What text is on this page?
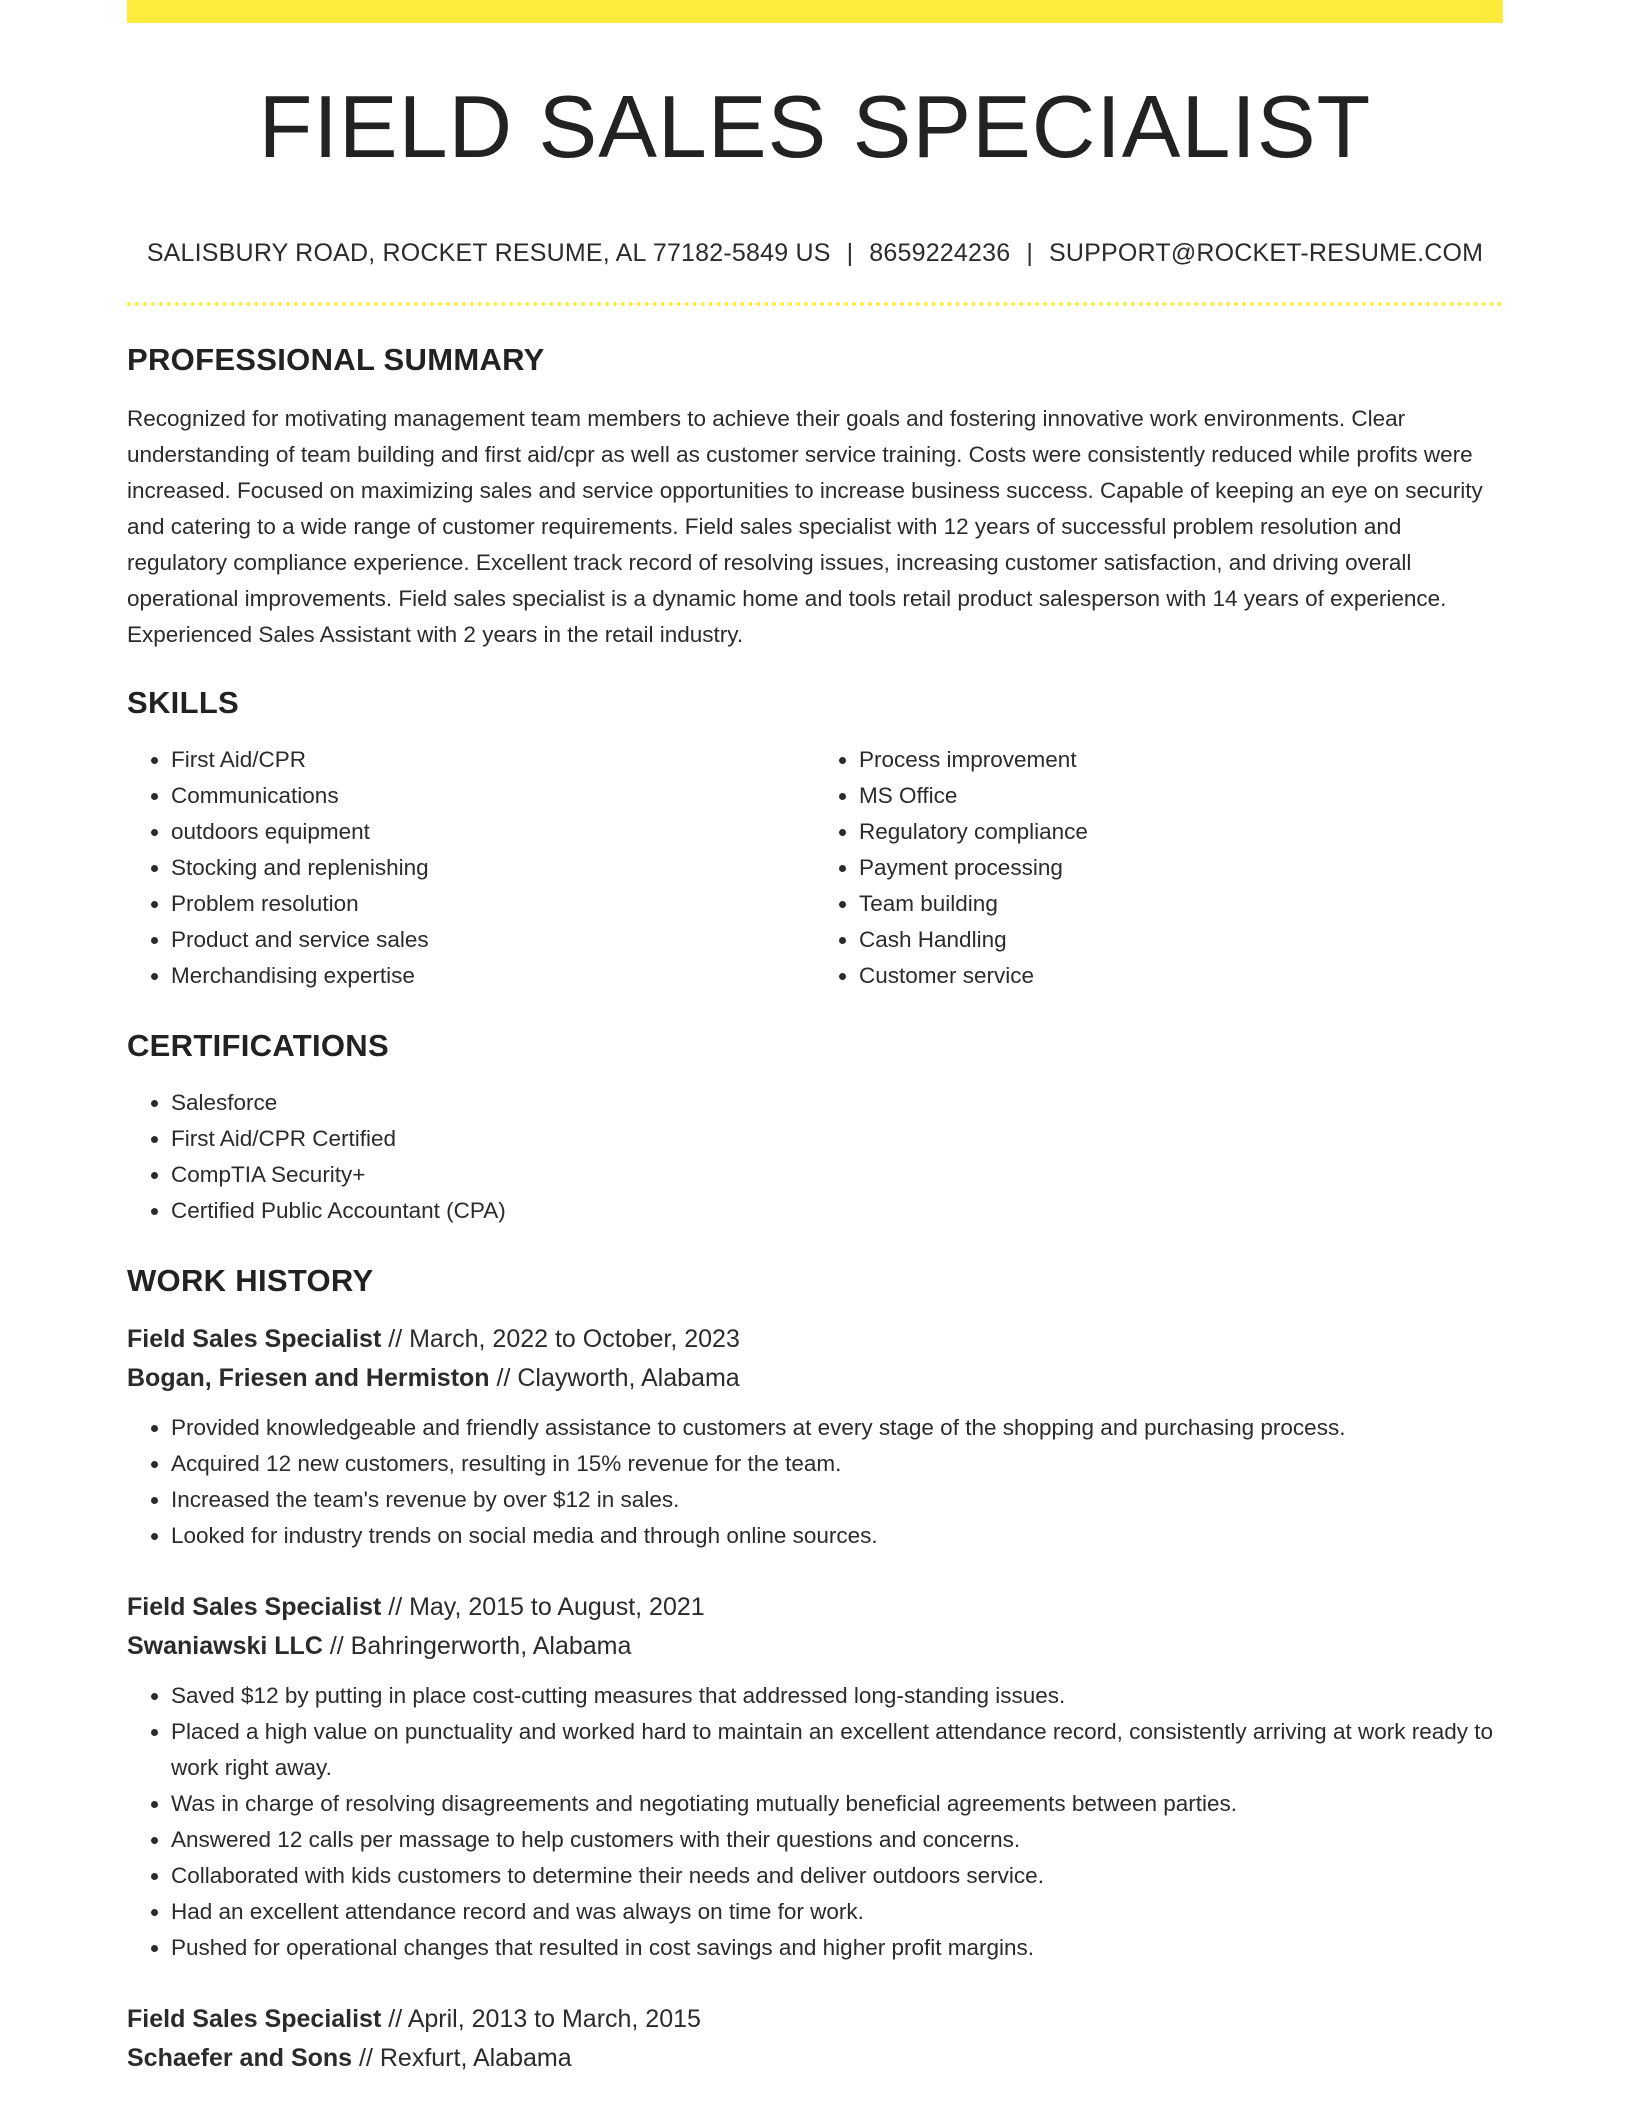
FIELD SALES SPECIALIST
SALISBURY ROAD, ROCKET RESUME, AL 77182-5849 US | 8659224236 | SUPPORT@ROCKET-RESUME.COM
PROFESSIONAL SUMMARY

Recognized for motivating management team members to achieve their goals and fostering innovative work environments. Clear understanding of team building and first aid/cpr as well as customer service training. Costs were consistently reduced while profits were increased. Focused on maximizing sales and service opportunities to increase business success. Capable of keeping an eye on security and catering to a wide range of customer requirements. Field sales specialist with 12 years of successful problem resolution and regulatory compliance experience. Excellent track record of resolving issues, increasing customer satisfaction, and driving overall operational improvements. Field sales specialist is a dynamic home and tools retail product salesperson with 14 years of experience. Experienced Sales Assistant with 2 years in the retail industry.

SKILLS
• First Aid/CPR
• Communications
• outdoors equipment
• Stocking and replenishing
• Problem resolution
• Product and service sales
• Merchandising expertise
• Process improvement
• MS Office
• Regulatory compliance
• Payment processing
• Team building
• Cash Handling
• Customer service
CERTIFICATIONS
• Salesforce
• First Aid/CPR Certified
• CompTIA Security+
• Certified Public Accountant (CPA)
WORK HISTORY
Field Sales Specialist // March, 2022 to October, 2023
Bogan, Friesen and Hermiston // Clayworth, Alabama
• Provided knowledgeable and friendly assistance to customers at every stage of the shopping and purchasing process.
• Acquired 12 new customers, resulting in 15% revenue for the team.
• Increased the team's revenue by over $12 in sales.
• Looked for industry trends on social media and through online sources.
Field Sales Specialist // May, 2015 to August, 2021
Swaniawski LLC // Bahringerworth, Alabama
• Saved $12 by putting in place cost-cutting measures that addressed long-standing issues.
• Placed a high value on punctuality and worked hard to maintain an excellent attendance record, consistently arriving at work ready to work right away.
• Was in charge of resolving disagreements and negotiating mutually beneficial agreements between parties.
• Answered 12 calls per massage to help customers with their questions and concerns.
• Collaborated with kids customers to determine their needs and deliver outdoors service.
• Had an excellent attendance record and was always on time for work.
• Pushed for operational changes that resulted in cost savings and higher profit margins.
Field Sales Specialist // April, 2013 to March, 2015
Schaefer and Sons // Rexfurt, Alabama
